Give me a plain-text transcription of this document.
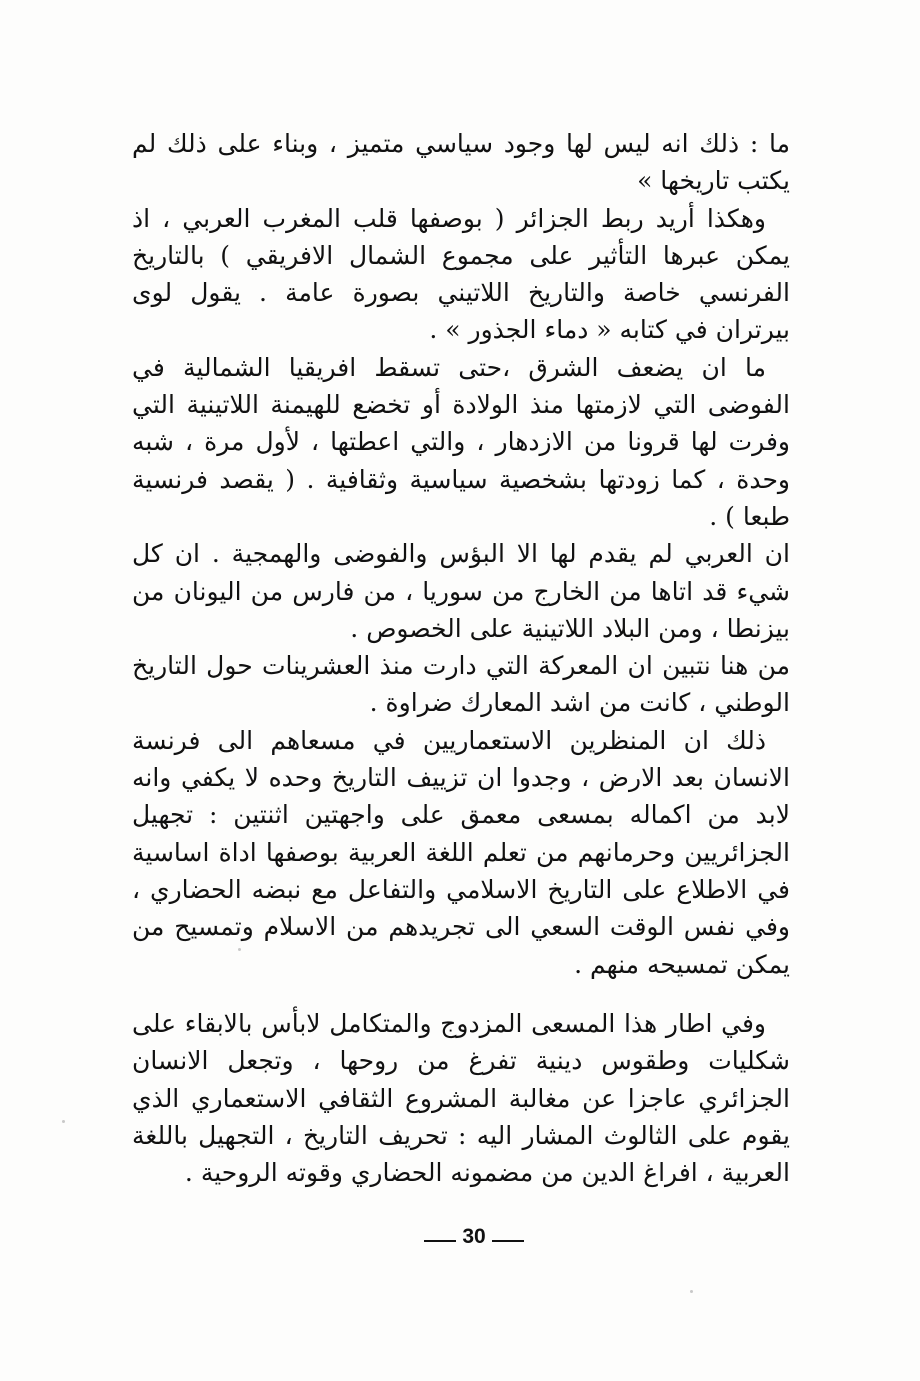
ما : ذلك انه ليس لها وجود سياسي متميز ، وبناء على ذلك لم يكتب تاريخها »

وهكذا أريد ربط الجزائر ( بوصفها قلب المغرب العربي ، اذ يمكن عبرها التأثير على مجموع الشمال الافريقي ) بالتاريخ الفرنسي خاصة والتاريخ اللاتيني بصورة عامة . يقول لوى بيرتران في كتابه « دماء الجذور » .

ما ان يضعف الشرق ،حتى تسقط افريقيا الشمالية في الفوضى التي لازمتها منذ الولادة أو تخضع للهيمنة اللاتينية التي وفرت لها قرونا من الازدهار ، والتي اعطتها ، لأول مرة ، شبه وحدة ، كما زودتها بشخصية سياسية وثقافية . ( يقصد فرنسية طبعا ) .

ان العربي لم يقدم لها الا البؤس والفوضى والهمجية . ان كل شيء قد اتاها من الخارج من سوريا ، من فارس من اليونان من بيزنطا ، ومن البلاد اللاتينية على الخصوص .

من هنا نتبين ان المعركة التي دارت منذ العشرينات حول التاريخ الوطني ، كانت من اشد المعارك ضراوة .

ذلك ان المنظرين الاستعماريين في مسعاهم الى فرنسة الانسان بعد الارض ، وجدوا ان تزييف التاريخ وحده لا يكفي وانه لابد من اكماله بمسعى معمق على واجهتين اثنتين : تجهيل الجزائريين وحرمانهم من تعلم اللغة العربية بوصفها اداة اساسية في الاطلاع على التاريخ الاسلامي والتفاعل مع نبضه الحضاري ، وفي نفس الوقت السعي الى تجريدهم من الاسلام وتمسيح من يمكن تمسيحه منهم .

وفي اطار هذا المسعى المزدوج والمتكامل لابأس بالابقاء على شكليات وطقوس دينية تفرغ من روحها ، وتجعل الانسان الجزائري عاجزا عن مغالبة المشروع الثقافي الاستعماري الذي يقوم على الثالوث المشار اليه : تحريف التاريخ ، التجهيل باللغة العربية ، افراغ الدين من مضمونه الحضاري وقوته الروحية .

30
